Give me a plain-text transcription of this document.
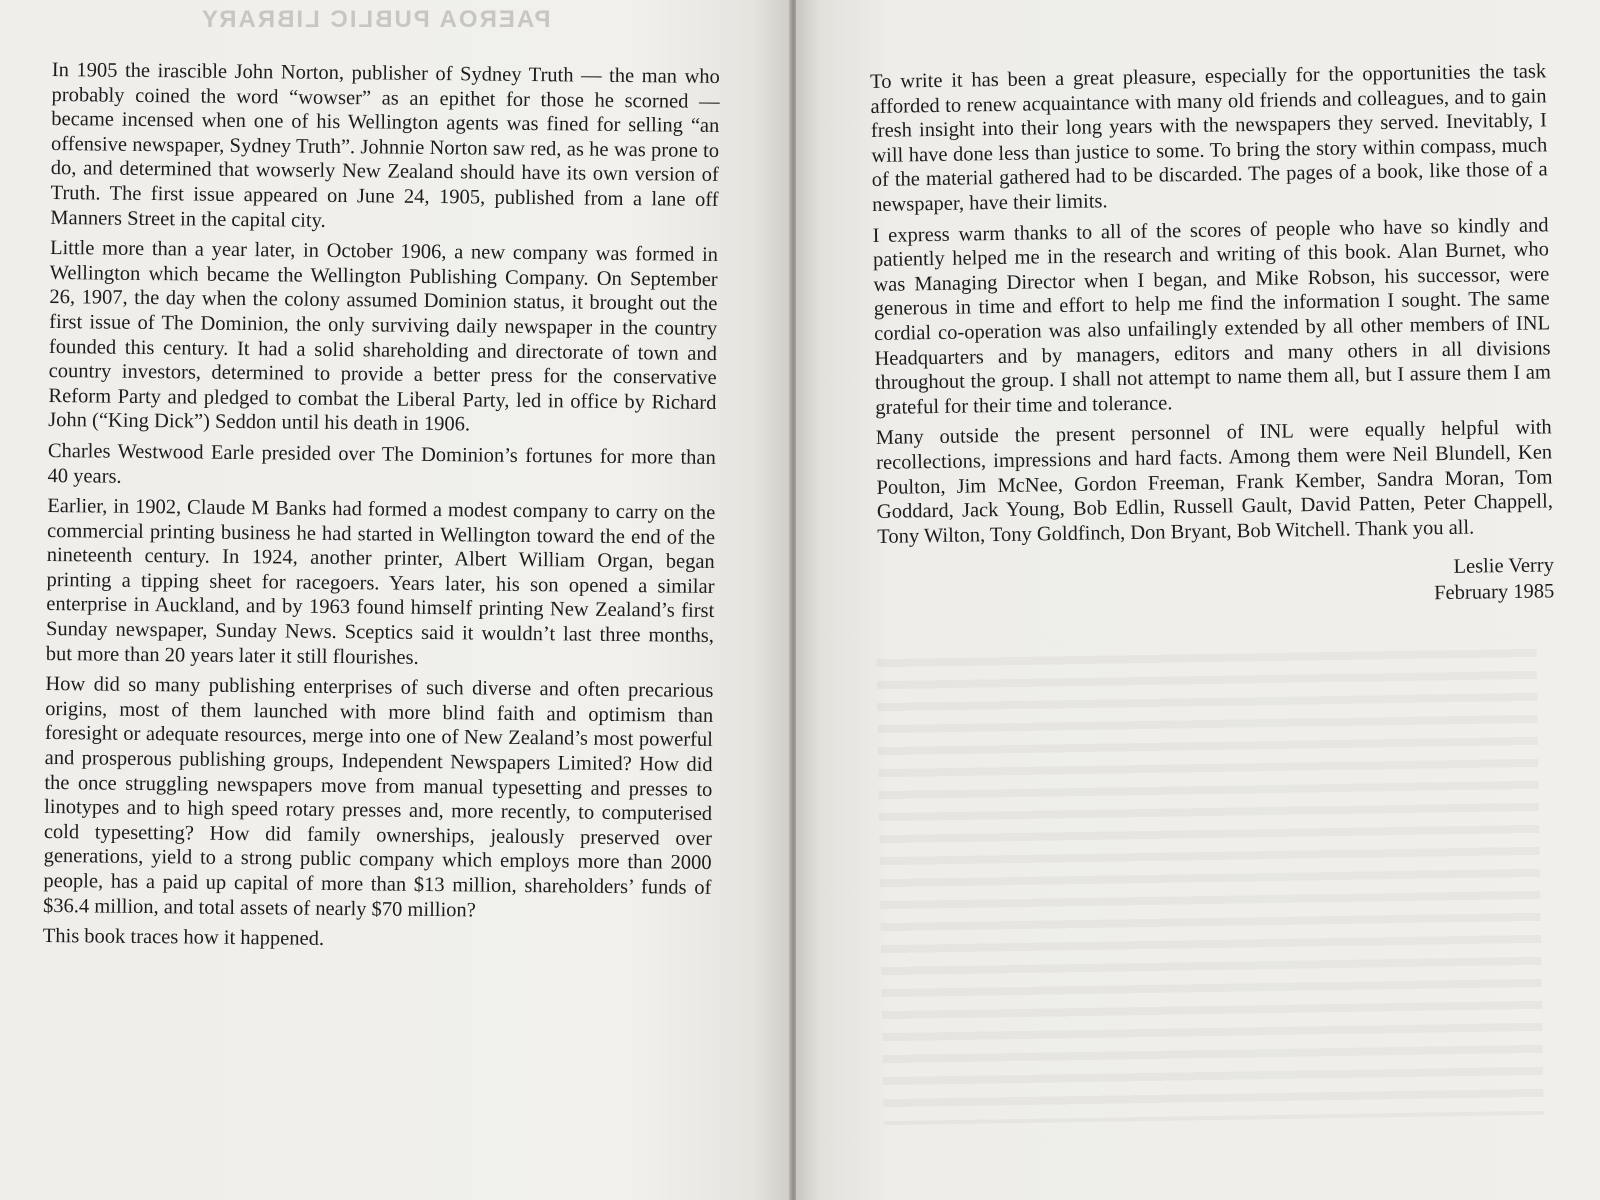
PAEROA PUBLIC LIBRARY

In 1905 the irascible John Norton, publisher of Sydney Truth — the man who probably coined the word “wowser” as an epithet for those he scorned — became incensed when one of his Wellington agents was fined for selling “an offensive newspaper, Sydney Truth”. Johnnie Norton saw red, as he was prone to do, and determined that wowserly New Zealand should have its own version of Truth. The first issue appeared on June 24, 1905, published from a lane off Manners Street in the capital city.

Little more than a year later, in October 1906, a new company was formed in Wellington which became the Wellington Publishing Company. On September 26, 1907, the day when the colony assumed Dominion status, it brought out the first issue of The Dominion, the only surviving daily newspaper in the country founded this century. It had a solid shareholding and directorate of town and country investors, determined to provide a better press for the conservative Reform Party and pledged to combat the Liberal Party, led in office by Richard John (“King Dick”) Seddon until his death in 1906.

Charles Westwood Earle presided over The Dominion’s fortunes for more than 40 years.

Earlier, in 1902, Claude M Banks had formed a modest company to carry on the commercial printing business he had started in Wellington toward the end of the nineteenth century. In 1924, another printer, Albert William Organ, began printing a tipping sheet for racegoers. Years later, his son opened a similar enterprise in Auckland, and by 1963 found himself printing New Zealand’s first Sunday newspaper, Sunday News. Sceptics said it wouldn’t last three months, but more than 20 years later it still flourishes.

How did so many publishing enterprises of such diverse and often precarious origins, most of them launched with more blind faith and optimism than foresight or adequate resources, merge into one of New Zealand’s most powerful and prosperous publishing groups, Independent Newspapers Limited? How did the once struggling newspapers move from manual typesetting and presses to linotypes and to high speed rotary presses and, more recently, to computerised cold typesetting? How did family ownerships, jealously preserved over generations, yield to a strong public company which employs more than 2000 people, has a paid up capital of more than $13 million, shareholders’ funds of $36.4 million, and total assets of nearly $70 million?

This book traces how it happened.

To write it has been a great pleasure, especially for the opportunities the task afforded to renew acquaintance with many old friends and colleagues, and to gain fresh insight into their long years with the newspapers they served. Inevitably, I will have done less than justice to some. To bring the story within compass, much of the material gathered had to be discarded. The pages of a book, like those of a newspaper, have their limits.

I express warm thanks to all of the scores of people who have so kindly and patiently helped me in the research and writing of this book. Alan Burnet, who was Managing Director when I began, and Mike Robson, his successor, were generous in time and effort to help me find the information I sought. The same cordial co-operation was also unfailingly extended by all other members of INL Headquarters and by managers, editors and many others in all divisions throughout the group. I shall not attempt to name them all, but I assure them I am grateful for their time and tolerance.

Many outside the present personnel of INL were equally helpful with recollections, impressions and hard facts. Among them were Neil Blundell, Ken Poulton, Jim McNee, Gordon Freeman, Frank Kember, Sandra Moran, Tom Goddard, Jack Young, Bob Edlin, Russell Gault, David Patten, Peter Chappell, Tony Wilton, Tony Goldfinch, Don Bryant, Bob Witchell. Thank you all.

Leslie Verry
February 1985
